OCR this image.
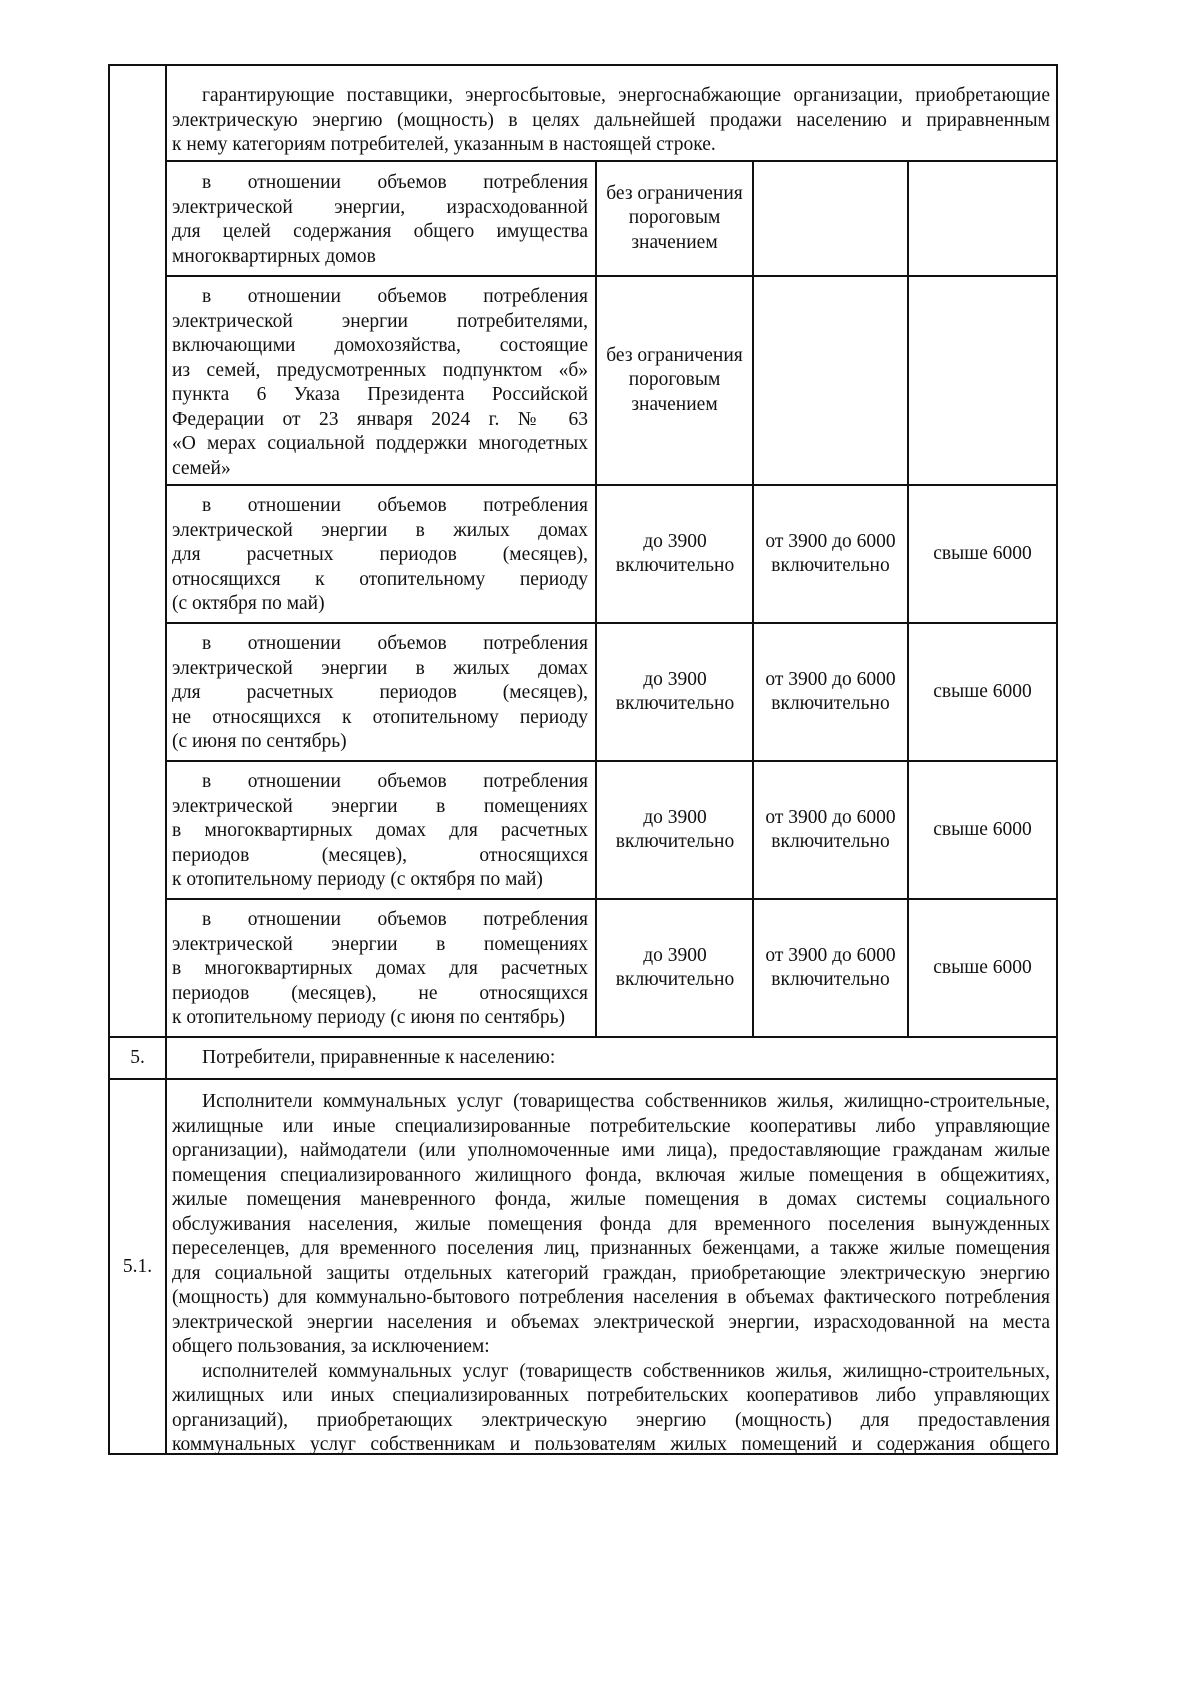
гарантирующие поставщики, энергосбытовые, энергоснабжающие организации, приобретающие
электрическую энергию (мощность) в целях дальнейшей продажи населению и приравненным
к нему категориям потребителей, указанным в настоящей строке.
в отношении объемов потребления
электрической энергии, израсходованной
для целей содержания общего имущества
многоквартирных домов
без ограничения пороговым значением
в отношении объемов потребления
электрической энергии потребителями,
включающими домохозяйства, состоящие
из семей, предусмотренных подпунктом «б»
пункта 6 Указа Президента Российской
Федерации от 23 января 2024 г. № 63
«О мерах социальной поддержки многодетных
семей»
без ограничения пороговым значением
в отношении объемов потребления
электрической энергии в жилых домах
для расчетных периодов (месяцев),
относящихся к отопительному периоду
(с октября по май)
до 3900 включительно
от 3900 до 6000 включительно
свыше 6000
в отношении объемов потребления
электрической энергии в жилых домах
для расчетных периодов (месяцев),
не относящихся к отопительному периоду
(с июня по сентябрь)
до 3900 включительно
от 3900 до 6000 включительно
свыше 6000
в отношении объемов потребления
электрической энергии в помещениях
в многоквартирных домах для расчетных
периодов (месяцев), относящихся
к отопительному периоду (с октября по май)
до 3900 включительно
от 3900 до 6000 включительно
свыше 6000
в отношении объемов потребления
электрической энергии в помещениях
в многоквартирных домах для расчетных
периодов (месяцев), не относящихся
к отопительному периоду (с июня по сентябрь)
до 3900 включительно
от 3900 до 6000 включительно
свыше 6000
5.	Потребители, приравненные к населению:
5.1.
Исполнители коммунальных услуг (товарищества собственников жилья, жилищно-строительные,
жилищные или иные специализированные потребительские кооперативы либо управляющие
организации), наймодатели (или уполномоченные ими лица), предоставляющие гражданам жилые
помещения специализированного жилищного фонда, включая жилые помещения в общежитиях,
жилые помещения маневренного фонда, жилые помещения в домах системы социального
обслуживания населения, жилые помещения фонда для временного поселения вынужденных
переселенцев, для временного поселения лиц, признанных беженцами, а также жилые помещения
для социальной защиты отдельных категорий граждан, приобретающие электрическую энергию
(мощность) для коммунально-бытового потребления населения в объемах фактического потребления
электрической энергии населения и объемах электрической энергии, израсходованной на места
общего пользования, за исключением:
исполнителей коммунальных услуг (товариществ собственников жилья, жилищно-строительных,
жилищных или иных специализированных потребительских кооперативов либо управляющих
организаций), приобретающих электрическую энергию (мощность) для предоставления
коммунальных услуг собственникам и пользователям жилых помещений и содержания общего
